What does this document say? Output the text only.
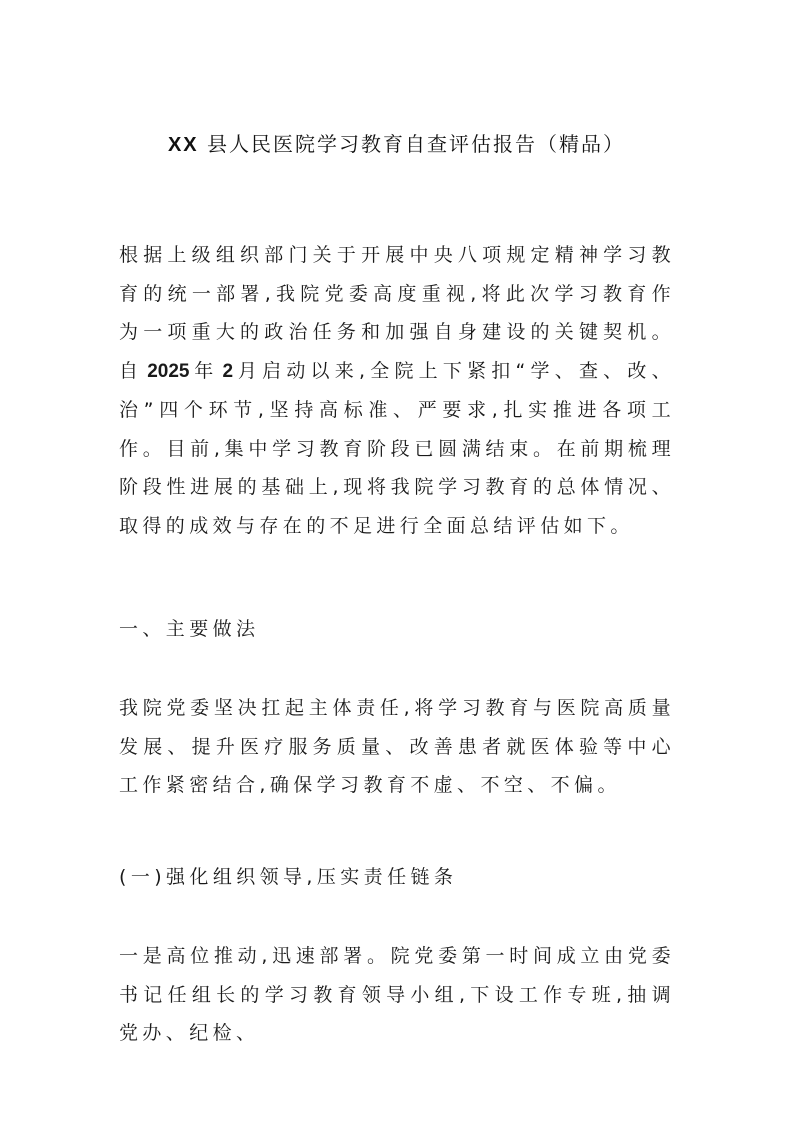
XX 县人民医院学习教育自查评估报告（精品）

根据上级组织部门关于开展中央八项规定精神学习教育的统一部署,我院党委高度重视,将此次学习教育作为一项重大的政治任务和加强自身建设的关键契机。自 2025 年 2 月启动以来,全院上下紧扣“学、查、改、治”四个环节,坚持高标准、严要求,扎实推进各项工作。目前,集中学习教育阶段已圆满结束。在前期梳理阶段性进展的基础上,现将我院学习教育的总体情况、取得的成效与存在的不足进行全面总结评估如下。

一、主要做法

我院党委坚决扛起主体责任,将学习教育与医院高质量发展、提升医疗服务质量、改善患者就医体验等中心工作紧密结合,确保学习教育不虚、不空、不偏。

(一)强化组织领导,压实责任链条

一是高位推动,迅速部署。院党委第一时间成立由党委书记任组长的学习教育领导小组,下设工作专班,抽调党办、纪检、
